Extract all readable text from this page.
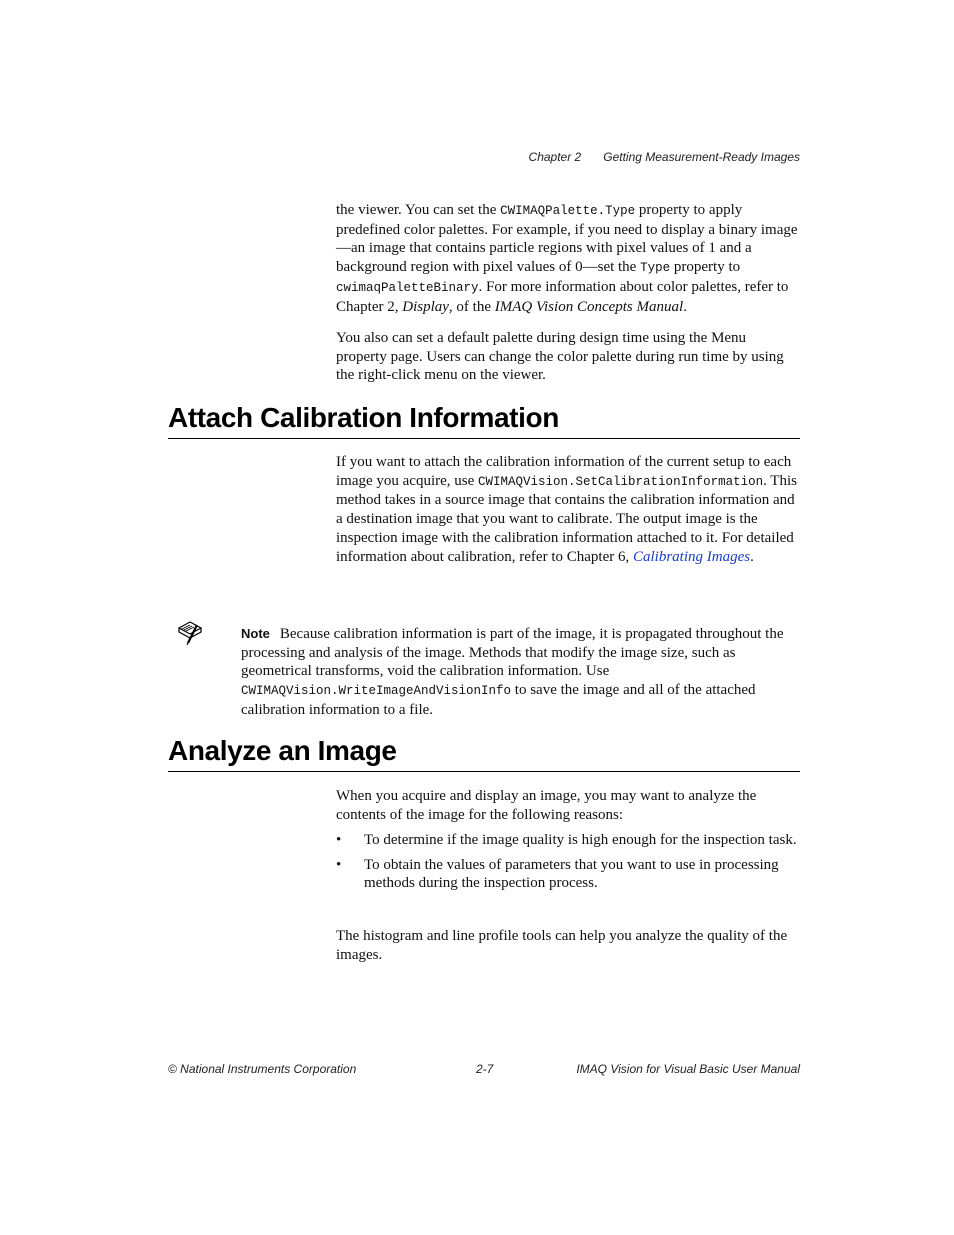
Chapter 2 Getting Measurement-Ready Images

the viewer. You can set the CWIMAQPalette.Type property to apply predefined color palettes. For example, if you need to display a binary image—an image that contains particle regions with pixel values of 1 and a background region with pixel values of 0—set the Type property to cwimaqPaletteBinary. For more information about color palettes, refer to Chapter 2, Display, of the IMAQ Vision Concepts Manual.

You also can set a default palette during design time using the Menu property page. Users can change the color palette during run time by using the right-click menu on the viewer.

Attach Calibration Information

If you want to attach the calibration information of the current setup to each image you acquire, use CWIMAQVision.SetCalibrationInformation. This method takes in a source image that contains the calibration information and a destination image that you want to calibrate. The output image is the inspection image with the calibration information attached to it. For detailed information about calibration, refer to Chapter 6, Calibrating Images.

Note Because calibration information is part of the image, it is propagated throughout the processing and analysis of the image. Methods that modify the image size, such as geometrical transforms, void the calibration information. Use CWIMAQVision.WriteImageAndVisionInfo to save the image and all of the attached calibration information to a file.

Analyze an Image

When you acquire and display an image, you may want to analyze the contents of the image for the following reasons:

• To determine if the image quality is high enough for the inspection task.
• To obtain the values of parameters that you want to use in processing methods during the inspection process.

The histogram and line profile tools can help you analyze the quality of the images.

© National Instruments Corporation	2-7	IMAQ Vision for Visual Basic User Manual
